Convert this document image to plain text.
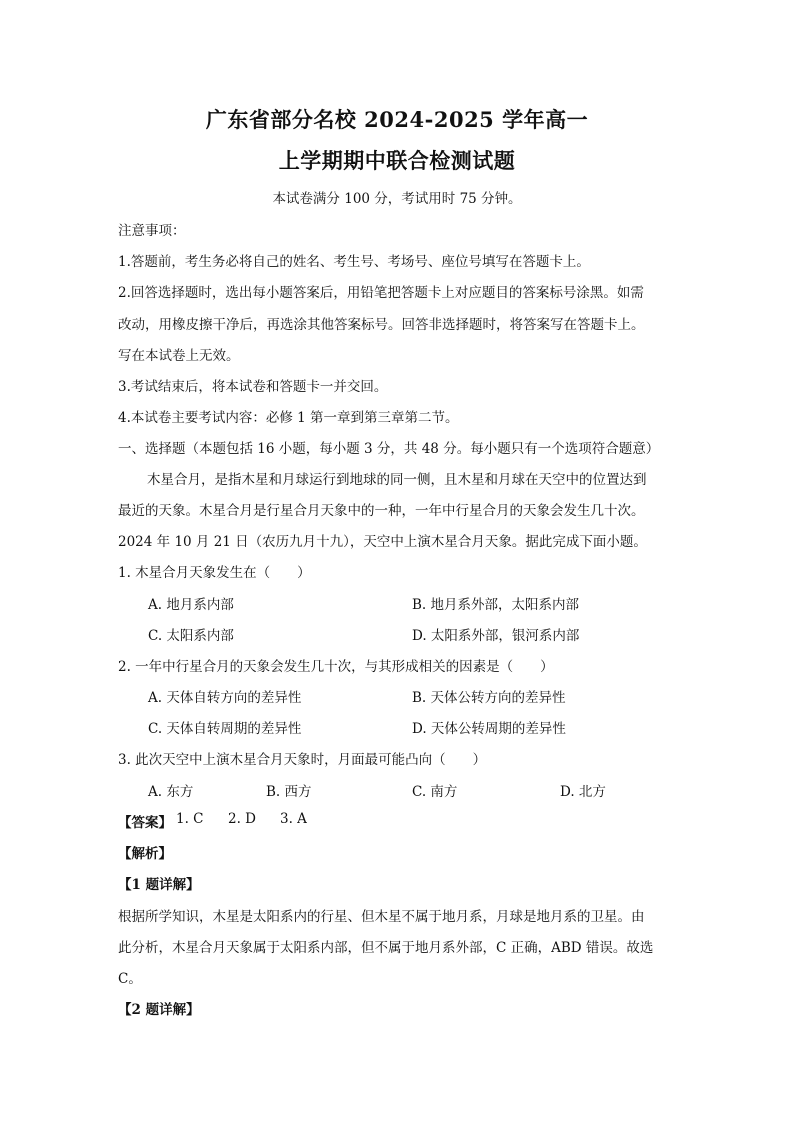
广东省部分名校 2024-2025 学年高一
上学期期中联合检测试题
本试卷满分 100 分，考试用时 75 分钟。
注意事项：
1.答题前，考生务必将自己的姓名、考生号、考场号、座位号填写在答题卡上。
2.回答选择题时，选出每小题答案后，用铅笔把答题卡上对应题目的答案标号涂黑。如需
改动，用橡皮擦干净后，再选涂其他答案标号。回答非选择题时，将答案写在答题卡上。
写在本试卷上无效。
3.考试结束后，将本试卷和答题卡一并交回。
4.本试卷主要考试内容：必修 1 第一章到第三章第二节。
一、选择题（本题包括 16 小题，每小题 3 分，共 48 分。每小题只有一个选项符合题意）
木星合月，是指木星和月球运行到地球的同一侧，且木星和月球在天空中的位置达到
最近的天象。木星合月是行星合月天象中的一种，一年中行星合月的天象会发生几十次。
2024 年 10 月 21 日（农历九月十九），天空中上演木星合月天象。据此完成下面小题。
1. 木星合月天象发生在（　　）
A. 地月系内部	B. 地月系外部，太阳系内部
C. 太阳系内部	D. 太阳系外部，银河系内部
2. 一年中行星合月的天象会发生几十次，与其形成相关的因素是（　　）
A. 天体自转方向的差异性	B. 天体公转方向的差异性
C. 天体自转周期的差异性	D. 天体公转周期的差异性
3. 此次天空中上演木星合月天象时，月面最可能凸向（　　）
A. 东方	B. 西方	C. 南方	D. 北方
【答案】 1. C 2. D 3. A
【解析】
【1 题详解】
根据所学知识，木星是太阳系内的行星、但木星不属于地月系，月球是地月系的卫星。由
此分析，木星合月天象属于太阳系内部，但不属于地月系外部，C 正确，ABD 错误。故选
C。
【2 题详解】
